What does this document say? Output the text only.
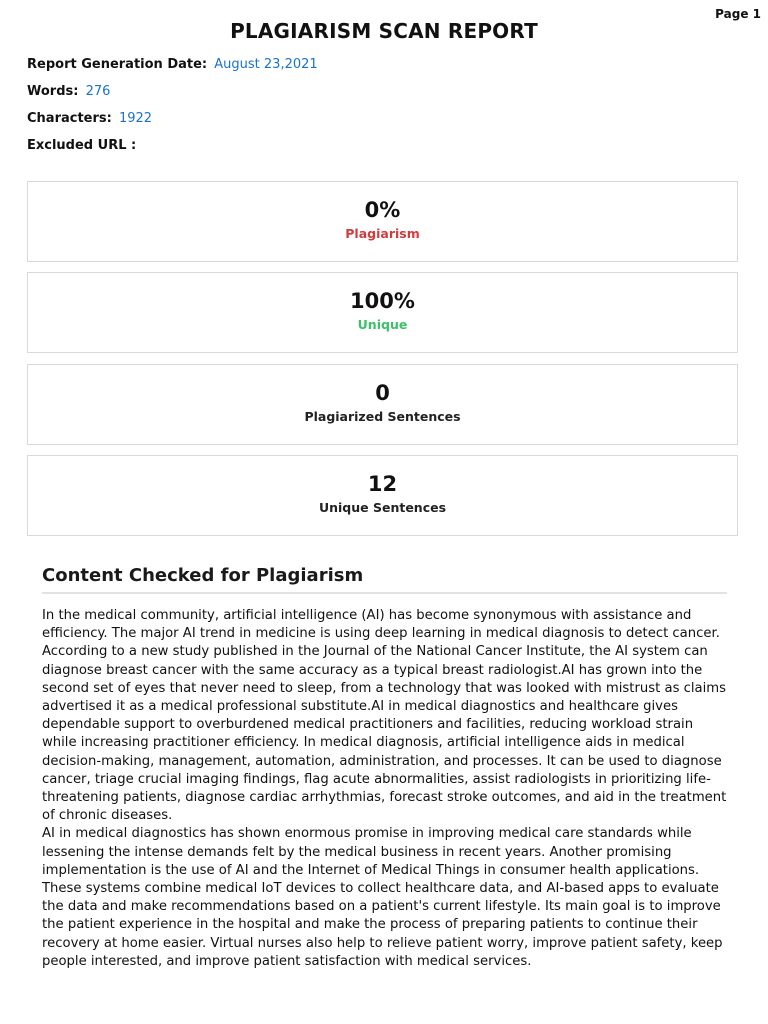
Page 1
PLAGIARISM SCAN REPORT
Report Generation Date: August 23,2021
Words: 276
Characters: 1922
Excluded URL :
0%
Plagiarism
100%
Unique
0
Plagiarized Sentences
12
Unique Sentences
Content Checked for Plagiarism

In the medical community, artificial intelligence (AI) has become synonymous with assistance and efficiency. The major AI trend in medicine is using deep learning in medical diagnosis to detect cancer. According to a new study published in the Journal of the National Cancer Institute, the AI system can diagnose breast cancer with the same accuracy as a typical breast radiologist.AI has grown into the second set of eyes that never need to sleep, from a technology that was looked with mistrust as claims advertised it as a medical professional substitute.AI in medical diagnostics and healthcare gives dependable support to overburdened medical practitioners and facilities, reducing workload strain while increasing practitioner efficiency. In medical diagnosis, artificial intelligence aids in medical decision-making, management, automation, administration, and processes. It can be used to diagnose cancer, triage crucial imaging findings, flag acute abnormalities, assist radiologists in prioritizing life-threatening patients, diagnose cardiac arrhythmias, forecast stroke outcomes, and aid in the treatment of chronic diseases.

AI in medical diagnostics has shown enormous promise in improving medical care standards while lessening the intense demands felt by the medical business in recent years. Another promising implementation is the use of AI and the Internet of Medical Things in consumer health applications. These systems combine medical IoT devices to collect healthcare data, and AI-based apps to evaluate the data and make recommendations based on a patient's current lifestyle. Its main goal is to improve the patient experience in the hospital and make the process of preparing patients to continue their recovery at home easier. Virtual nurses also help to relieve patient worry, improve patient safety, keep people interested, and improve patient satisfaction with medical services.
